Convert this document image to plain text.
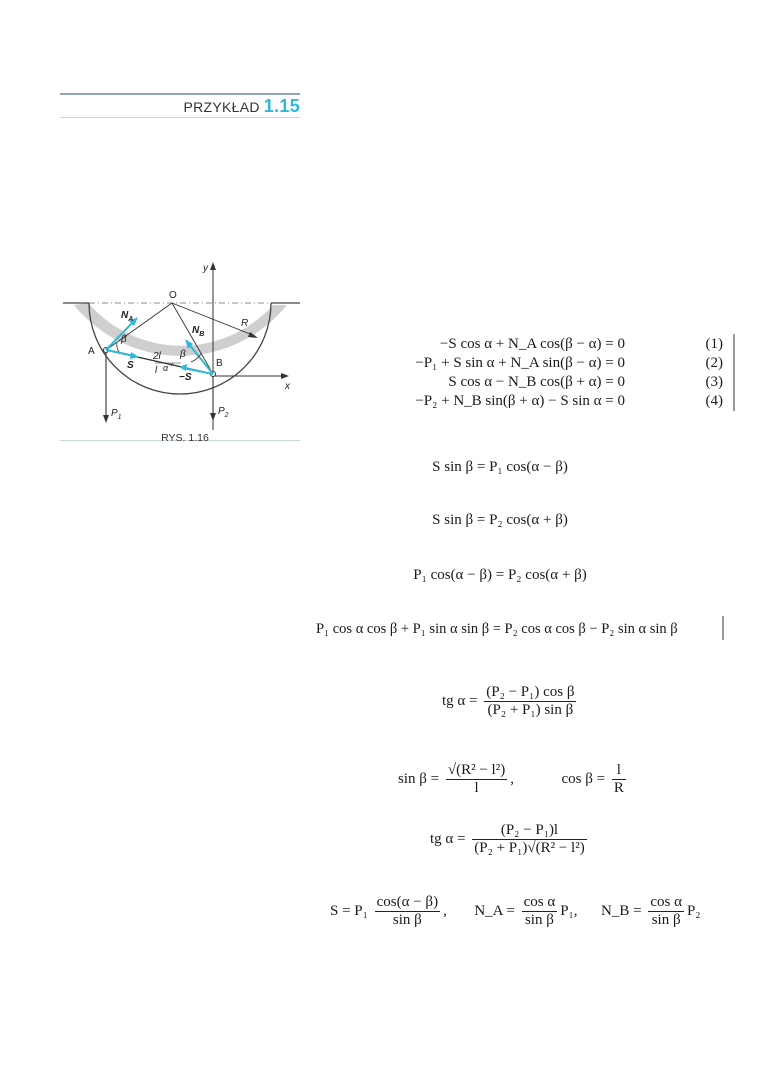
PRZYKŁAD 1.15
y
x
O
R
A
B
$N_A$
S
$N_B$
−S
β
β
α
2l
l
$P_1$
$P_2$
RYS. 1.16
−S cos α + N_A cos(β − α) = 0	(1)
−P₁ + S sin α + N_A sin(β − α) = 0	(2)
S cos α − N_B cos(β + α) = 0	(3)
−P₂ + N_B sin(β + α) − S sin α = 0	(4)
S sin β = P₁ cos(α − β)
S sin β = P₂ cos(α + β)
P₁ cos(α − β) = P₂ cos(α + β)
P₁ cos α cos β + P₁ sin α sin β = P₂ cos α cos β − P₂ sin α sin β
tg $\alpha = \frac{\text{(P₂ − P₁) cos β}}{\text{(P₂ + P₁) sin β}}$
$\sin \beta = \frac{\text{√(R² − l²)}}{l}$ ,	$\cos \beta = \frac{l}{R}$
tg $\alpha = \frac{\text{(P₂ − P₁)l}}{\text{(P₂ + P₁)√(R² − l²)}}$
$S = P_1 \frac{\cos(\alpha - \beta)}{\text{sin β}}$ ,  N_A = $\frac{\text{cos α}}{\text{sin β}} P_1$, N_B = $\frac{\text{cos α}}{\text{sin β}} P_2$
